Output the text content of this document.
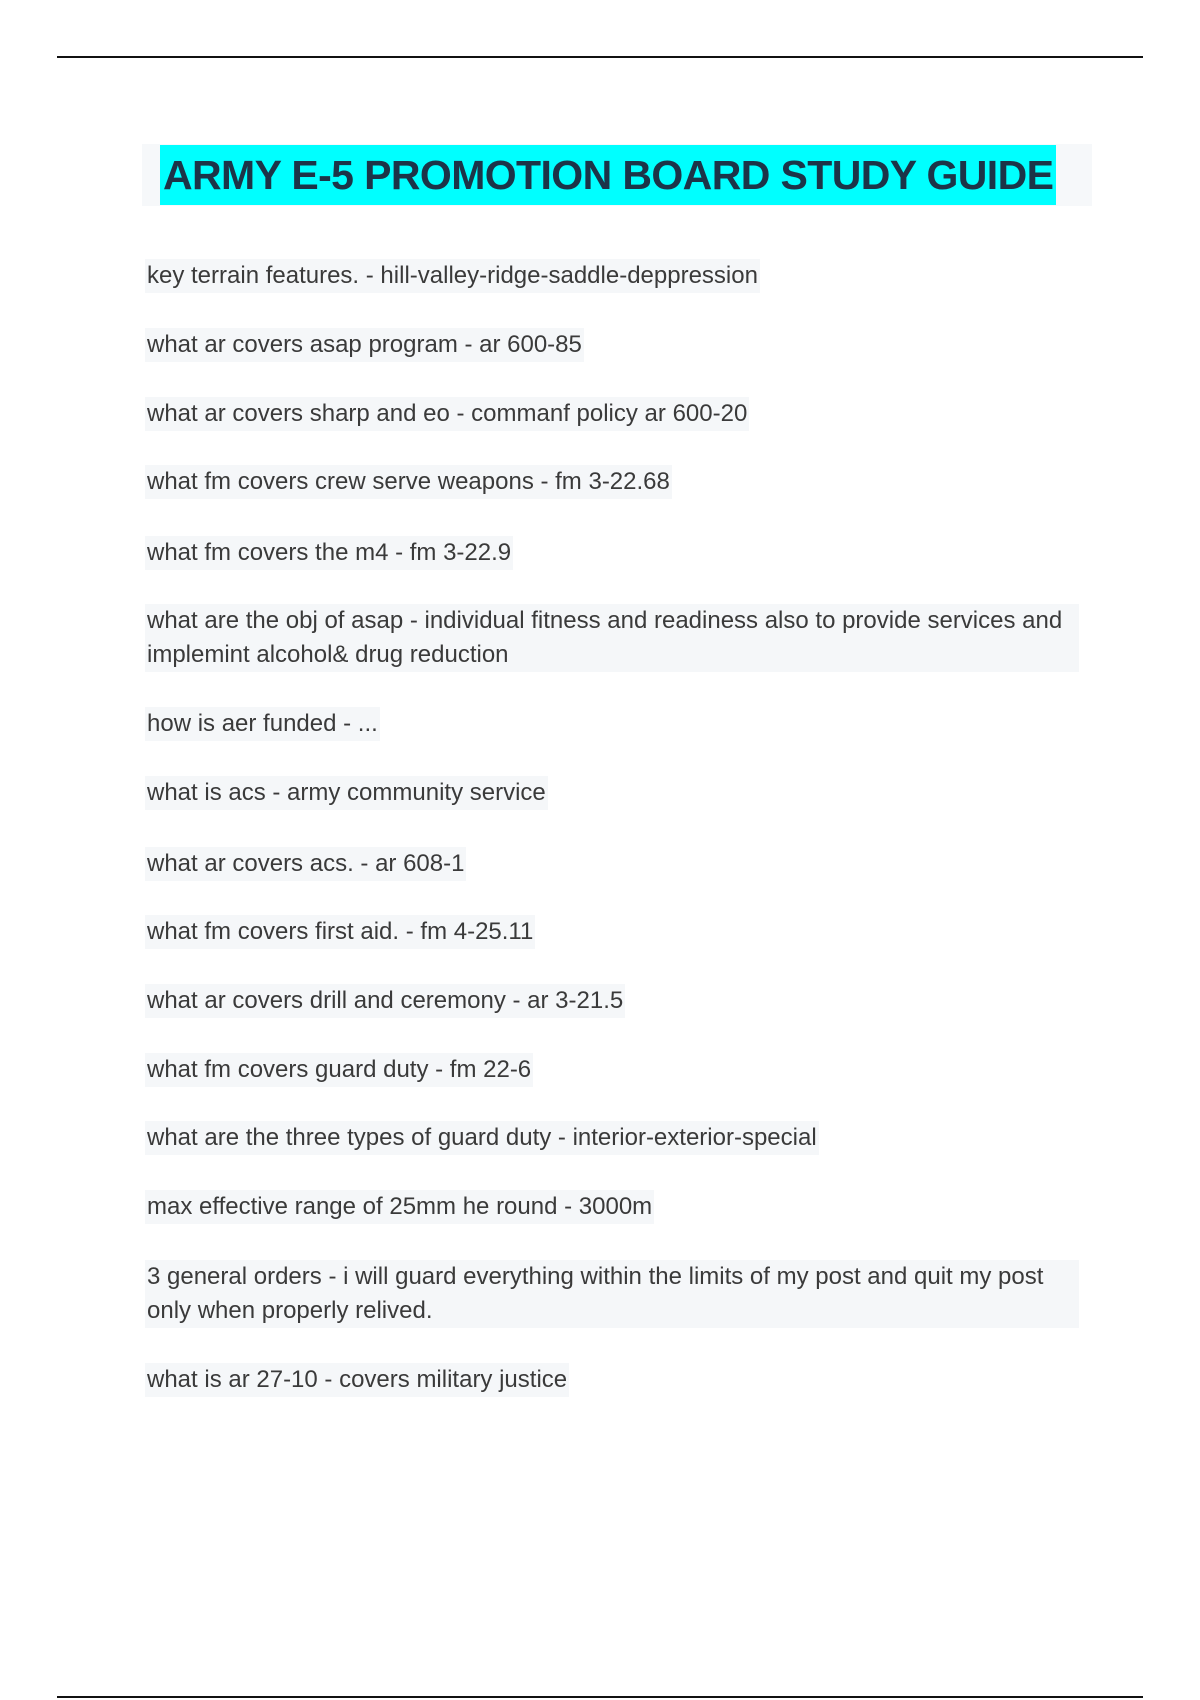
ARMY E-5 PROMOTION BOARD STUDY GUIDE
key terrain features. - hill-valley-ridge-saddle-deppression
what ar covers asap program - ar 600-85
what ar covers sharp and eo - commanf policy ar 600-20
what fm covers crew serve weapons - fm 3-22.68
what fm covers the m4 - fm 3-22.9
what are the obj of asap - individual fitness and readiness also to provide services and implemint alcohol& drug reduction
how is aer funded - ...
what is acs - army community service
what ar covers acs. - ar 608-1
what fm covers first aid. - fm 4-25.11
what ar covers drill and ceremony - ar 3-21.5
what fm covers guard duty - fm 22-6
what are the three types of guard duty - interior-exterior-special
max effective range of 25mm he round - 3000m
3 general orders - i will guard everything within the limits of my post and quit my post only when properly relived.
what is ar 27-10 - covers military justice
